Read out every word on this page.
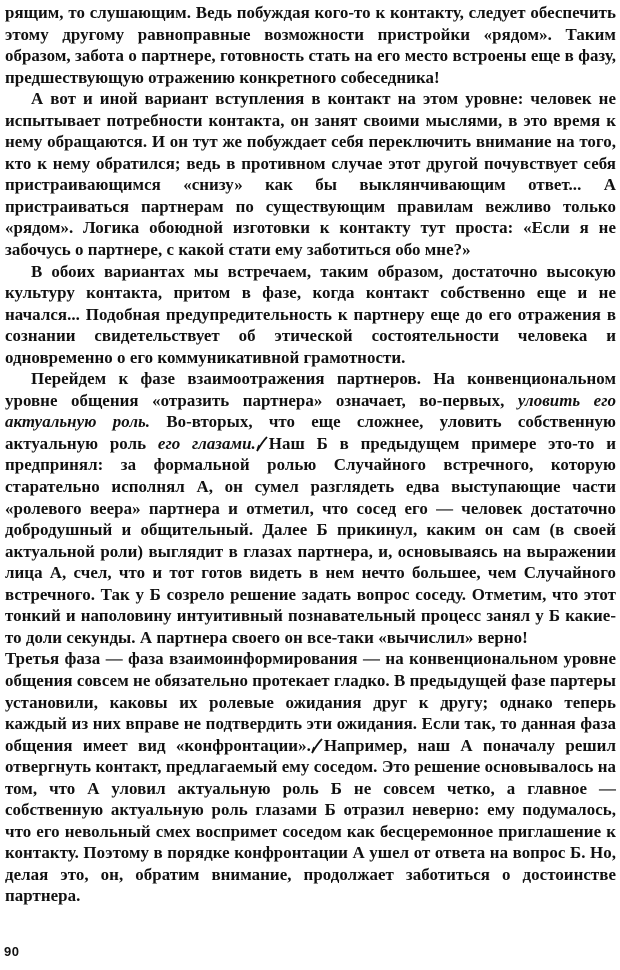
рящим, то слушающим. Ведь побуждая кого-то к контакту, следует обеспечить этому другому равноправные возможности пристройки «рядом». Таким образом, забота о партнере, готовность стать на его место встроены еще в фазу, предшествующую отражению конкретного собеседника!

А вот и иной вариант вступления в контакт на этом уровне: человек не испытывает потребности контакта, он занят своими мыслями, в это время к нему обращаются. И он тут же побуждает себя переключить внимание на того, кто к нему обратился; ведь в противном случае этот другой почувствует себя пристраивающимся «снизу» как бы выклянчивающим ответ... А пристраиваться партнерам по существующим правилам вежливо только «рядом». Логика обоюдной изготовки к контакту тут проста: «Если я не забочусь о партнере, с какой стати ему заботиться обо мне?»

В обоих вариантах мы встречаем, таким образом, достаточно высокую культуру контакта, притом в фазе, когда контакт собственно еще и не начался... Подобная предупредительность к партнеру еще до его отражения в сознании свидетельствует об этической состоятельности человека и одновременно о его коммуникативной грамотности.

Перейдем к фазе взаимоотражения партнеров. На конвенциональном уровне общения «отразить партнера» означает, во-первых, уловить его актуальную роль. Во-вторых, что еще сложнее, уловить собственную актуальную роль его глазами. Наш Б в предыдущем примере это-то и предпринял: за формальной ролью Случайного встречного, которую старательно исполнял А, он сумел разглядеть едва выступающие части «ролевого веера» партнера и отметил, что сосед его — человек достаточно добродушный и общительный. Далее Б прикинул, каким он сам (в своей актуальной роли) выглядит в глазах партнера, и, основываясь на выражении лица А, счел, что и тот готов видеть в нем нечто большее, чем Случайного встречного. Так у Б созрело решение задать вопрос соседу. Отметим, что этот тонкий и наполовину интуитивный познавательный процесс занял у Б какие-то доли секунды. А партнера своего он все-таки «вычислил» верно!

Третья фаза — фаза взаимоинформирования — на конвенциональном уровне общения совсем не обязательно протекает гладко. В предыдущей фазе партеры установили, каковы их ролевые ожидания друг к другу; однако теперь каждый из них вправе не подтвердить эти ожидания. Если так, то данная фаза общения имеет вид «конфронтации». Например, наш А поначалу решил отвергнуть контакт, предлагаемый ему соседом. Это решение основывалось на том, что А уловил актуальную роль Б не совсем четко, а главное — собственную актуальную роль глазами Б отразил неверно: ему подумалось, что его невольный смех воспримет соседом как бесцеремонное приглашение к контакту. Поэтому в порядке конфронтации А ушел от ответа на вопрос Б. Но, делая это, он, обратим внимание, продолжает заботиться о достоинстве партнера.

90
